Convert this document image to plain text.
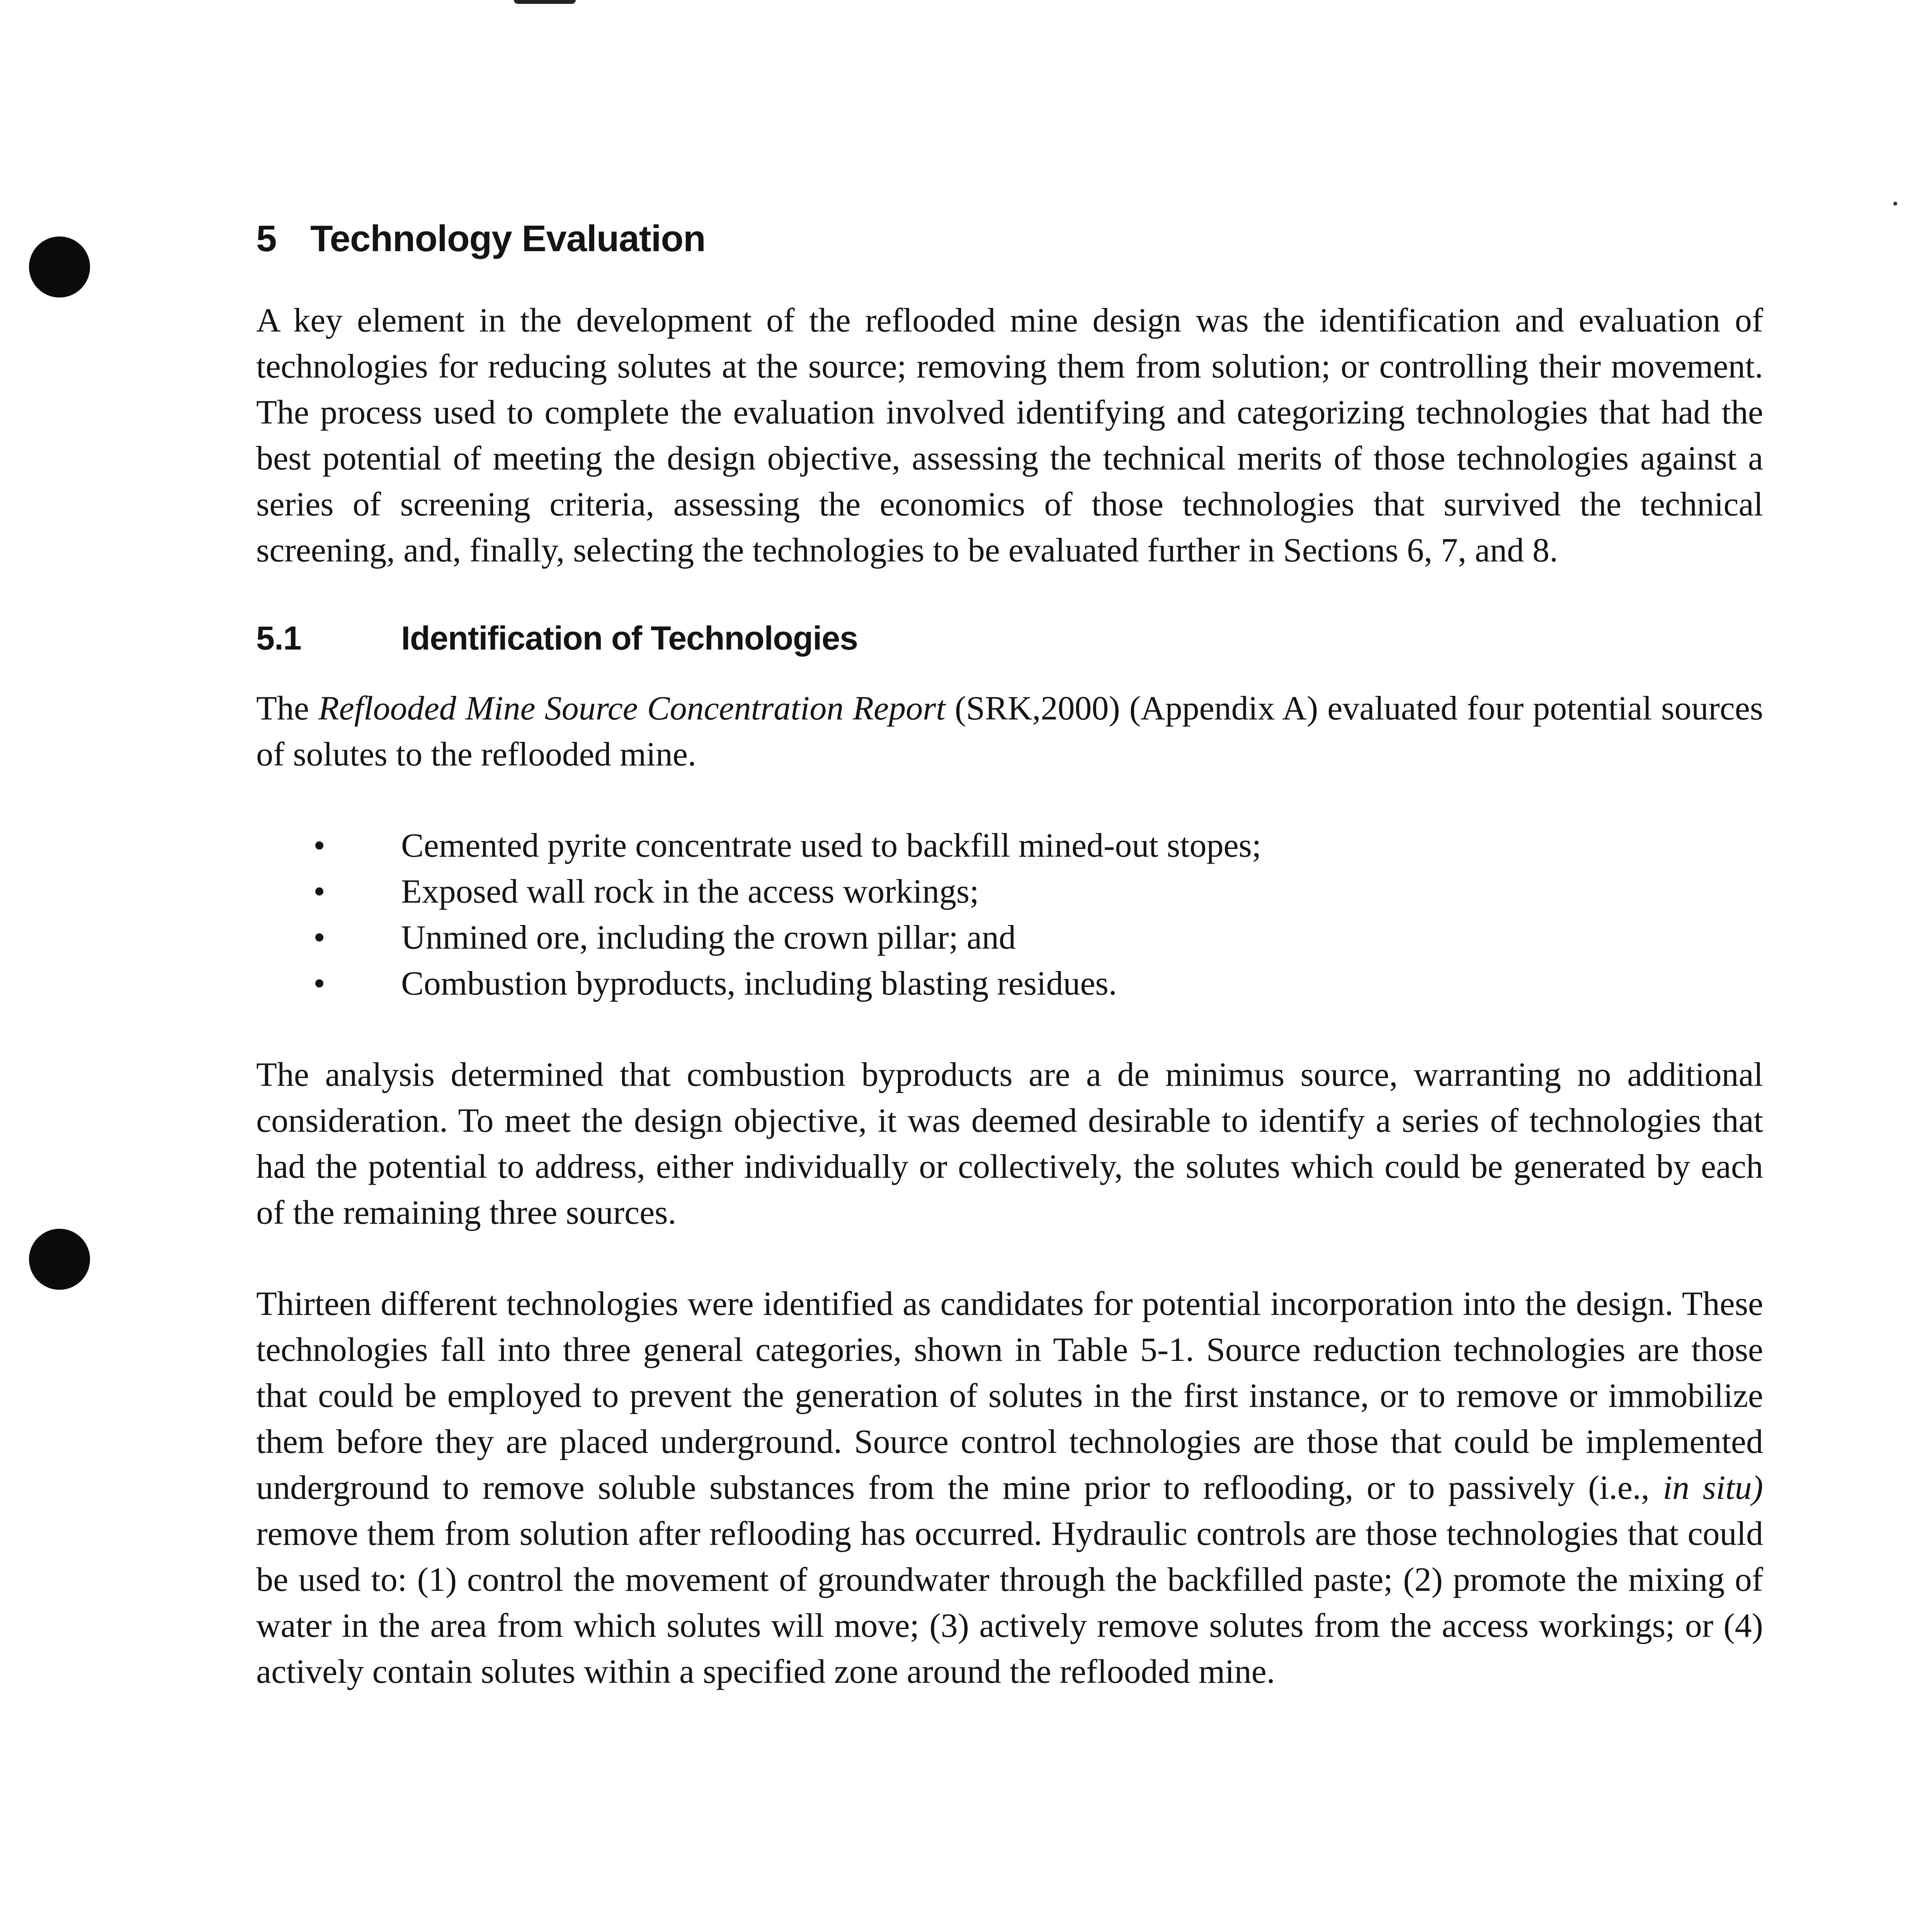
5 Technology Evaluation

A key element in the development of the reflooded mine design was the identification and evaluation of technologies for reducing solutes at the source; removing them from solution; or controlling their movement. The process used to complete the evaluation involved identifying and categorizing technologies that had the best potential of meeting the design objective, assessing the technical merits of those technologies against a series of screening criteria, assessing the economics of those technologies that survived the technical screening, and, finally, selecting the technologies to be evaluated further in Sections 6, 7, and 8.

5.1	Identification of Technologies

The Reflooded Mine Source Concentration Report (SRK,2000) (Appendix A) evaluated four potential sources of solutes to the reflooded mine.

• Cemented pyrite concentrate used to backfill mined-out stopes;
• Exposed wall rock in the access workings;
• Unmined ore, including the crown pillar; and
• Combustion byproducts, including blasting residues.

The analysis determined that combustion byproducts are a de minimus source, warranting no additional consideration. To meet the design objective, it was deemed desirable to identify a series of technologies that had the potential to address, either individually or collectively, the solutes which could be generated by each of the remaining three sources.

Thirteen different technologies were identified as candidates for potential incorporation into the design. These technologies fall into three general categories, shown in Table 5-1. Source reduction technologies are those that could be employed to prevent the generation of solutes in the first instance, or to remove or immobilize them before they are placed underground. Source control technologies are those that could be implemented underground to remove soluble substances from the mine prior to reflooding, or to passively (i.e., in situ) remove them from solution after reflooding has occurred. Hydraulic controls are those technologies that could be used to: (1) control the movement of groundwater through the backfilled paste; (2) promote the mixing of water in the area from which solutes will move; (3) actively remove solutes from the access workings; or (4) actively contain solutes within a specified zone around the reflooded mine.
